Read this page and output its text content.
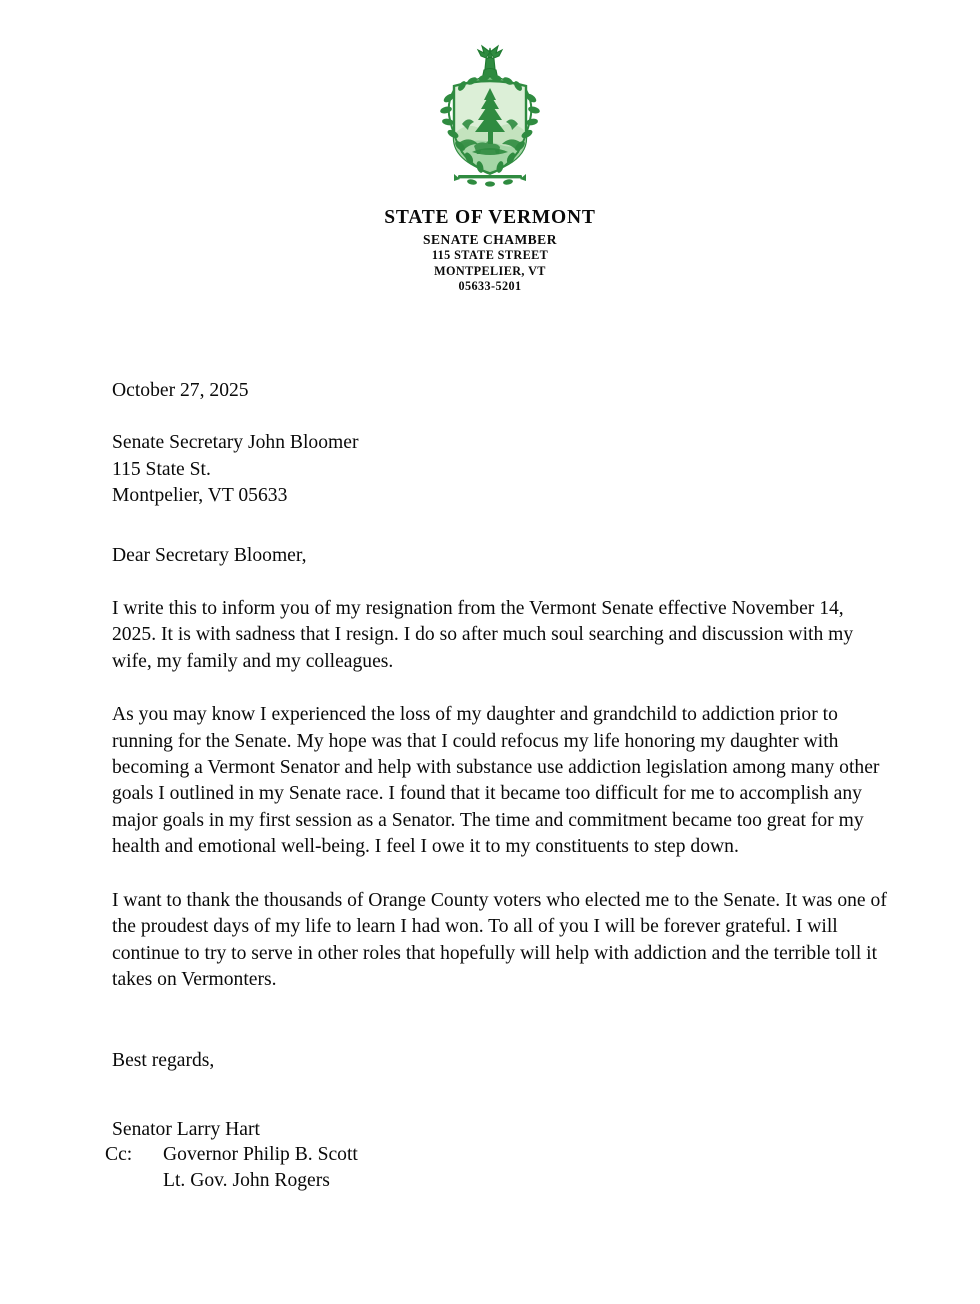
STATE OF VERMONT
SENATE CHAMBER
115 STATE STREET
MONTPELIER, VT
05633-5201
October 27, 2025
Senate Secretary John Bloomer
115 State St.
Montpelier, VT 05633
Dear Secretary Bloomer,
I write this to inform you of my resignation from the Vermont Senate effective November 14, 2025. It is with sadness that I resign. I do so after much soul searching and discussion with my wife, my family and my colleagues.
As you may know I experienced the loss of my daughter and grandchild to addiction prior to running for the Senate. My hope was that I could refocus my life honoring my daughter with becoming a Vermont Senator and help with substance use addiction legislation among many other goals I outlined in my Senate race. I found that it became too difficult for me to accomplish any major goals in my first session as a Senator. The time and commitment became too great for my health and emotional well-being. I feel I owe it to my constituents to step down.
I want to thank the thousands of Orange County voters who elected me to the Senate. It was one of the proudest days of my life to learn I had won. To all of you I will be forever grateful. I will continue to try to serve in other roles that hopefully will help with addiction and the terrible toll it takes on Vermonters.
Best regards,
Senator Larry Hart
Cc:	Governor Philip B. Scott
Lt. Gov. John Rogers
